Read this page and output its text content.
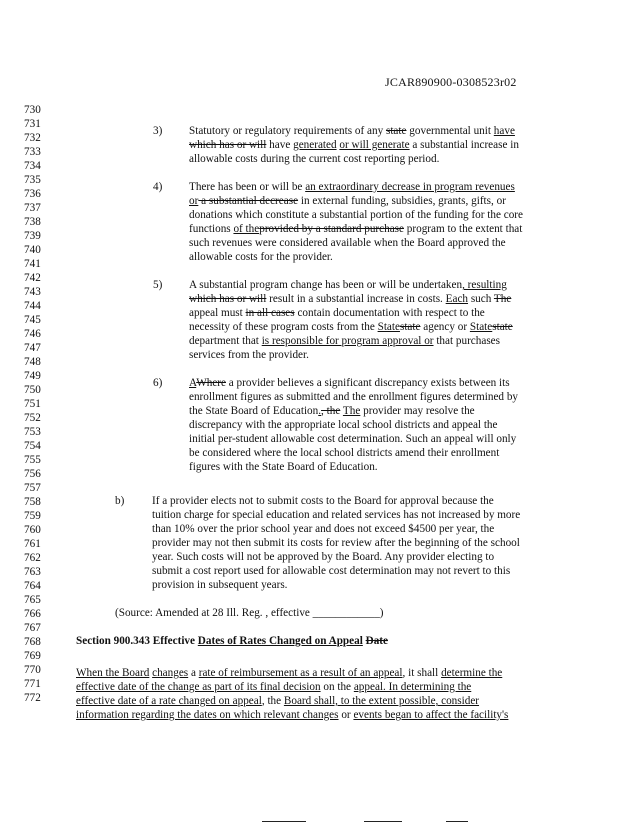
JCAR890900-0308523r02
730
731
732
733
734
735
736
737
738
739
740
741
742
743
744
745
746
747
748
749
750
751
752
753
754
755
756
757
758
759
760
761
762
763
764
765
766
767
768
769
770
771
772
3) Statutory or regulatory requirements of any state governmental unit have
which has or will have generated or will generate a substantial increase in
allowable costs during the current cost reporting period.
4) There has been or will be an extraordinary decrease in program revenues
or a substantial decrease in external funding, subsidies, grants, gifts, or
donations which constitute a substantial portion of the funding for the core
functions of theprovided by a standard purchase program to the extent that
such revenues were considered available when the Board approved the
allowable costs for the provider.
5) A substantial program change has been or will be undertaken, resulting
which has or will result in a substantial increase in costs. Each such The
appeal must in all cases contain documentation with respect to the
necessity of these program costs from the Statestate agency or Statestate
department that is responsible for program approval or that purchases
services from the provider.
6) AWhere a provider believes a significant discrepancy exists between its
enrollment figures as submitted and the enrollment figures determined by
the State Board of Education., the The provider may resolve the
discrepancy with the appropriate local school districts and appeal the
initial per-student allowable cost determination. Such an appeal will only
be considered where the local school districts amend their enrollment
figures with the State Board of Education.
b) If a provider elects not to submit costs to the Board for approval because the
tuition charge for special education and related services has not increased by more
than 10% over the prior school year and does not exceed $4500 per year, the
provider may not then submit its costs for review after the beginning of the school
year. Such costs will not be approved by the Board. Any provider electing to
submit a cost report used for allowable cost determination may not revert to this
provision in subsequent years.
(Source: Amended at 28 Ill. Reg. , effective ____________)
Section 900.343 Effective Dates of Rates Changed on Appeal Date
When the Board changes a rate of reimbursement as a result of an appeal, it shall determine the
effective date of the change as part of its final decision on the appeal. In determining the
effective date of a rate changed on appeal, the Board shall, to the extent possible, consider
information regarding the dates on which relevant changes or events began to affect the facility's
